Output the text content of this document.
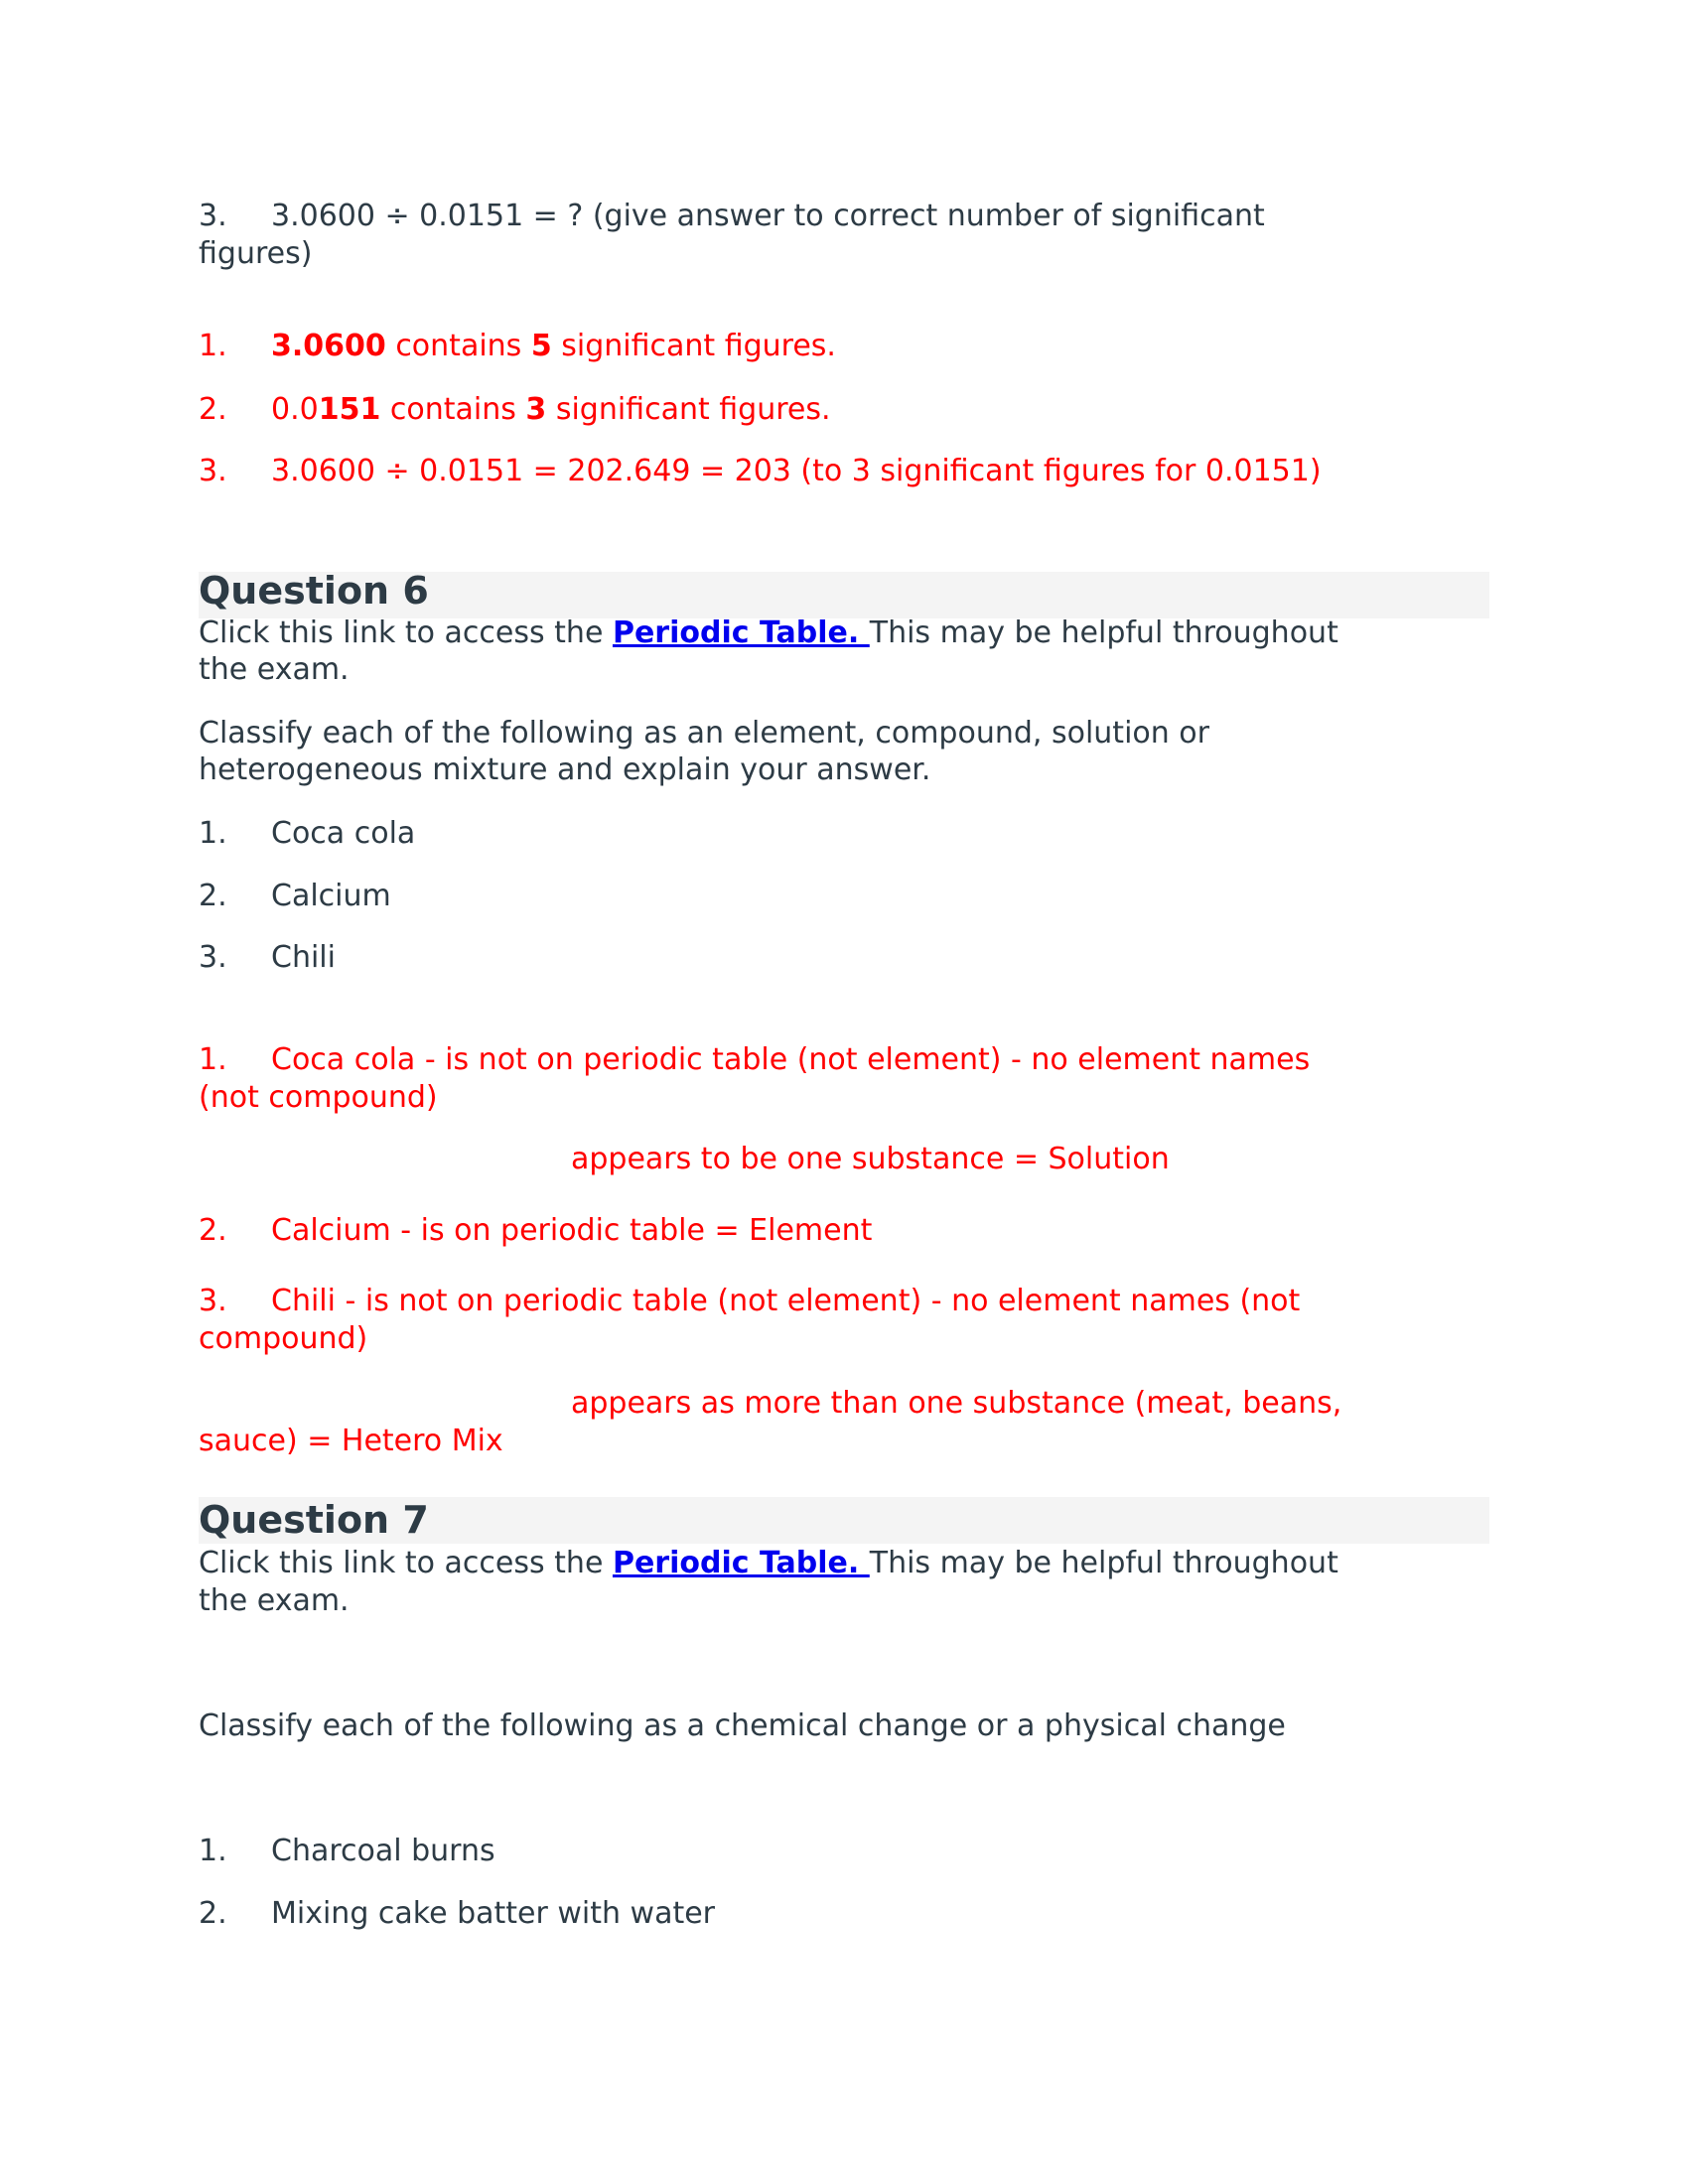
3. 3.0600 ÷ 0.0151 = ? (give answer to correct number of significant
figures)
1. 3.0600 contains 5 significant figures.
2. 0.0151 contains 3 significant figures.
3. 3.0600 ÷ 0.0151 = 202.649 = 203 (to 3 significant figures for 0.0151)
Question 6
Click this link to access the Periodic Table. This may be helpful throughout
the exam.
Classify each of the following as an element, compound, solution or
heterogeneous mixture and explain your answer.
1. Coca cola
2. Calcium
3. Chili
1. Coca cola - is not on periodic table (not element) - no element names
(not compound)
appears to be one substance = Solution
2. Calcium - is on periodic table = Element
3. Chili - is not on periodic table (not element) - no element names (not
compound)
appears as more than one substance (meat, beans,
sauce) = Hetero Mix
Question 7
Click this link to access the Periodic Table. This may be helpful throughout
the exam.
Classify each of the following as a chemical change or a physical change
1. Charcoal burns
2. Mixing cake batter with water
